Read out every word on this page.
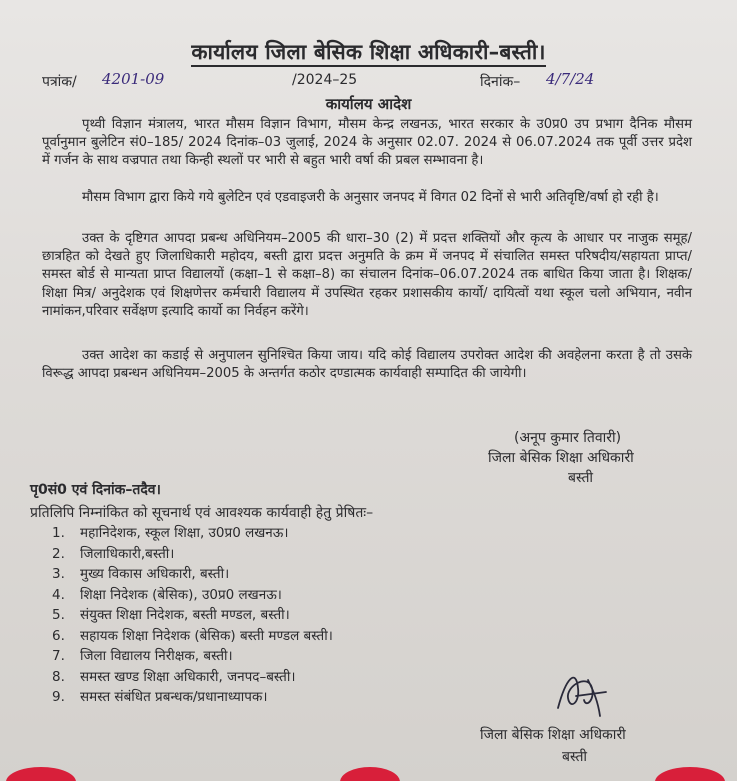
कार्यालय जिला बेसिक शिक्षा अधिकारी–बस्ती।
पत्रांक/ 4201-09	/2024–25	दिनांक– 4/7/24
कार्यालय आदेश
पृथ्वी विज्ञान मंत्रालय, भारत मौसम विज्ञान विभाग, मौसम केन्द्र लखनऊ, भारत सरकार के उ0प्र0 उप प्रभाग दैनिक मौसम पूर्वानुमान बुलेटिन सं0–185/ 2024 दिनांक–03 जुलाई, 2024 के अनुसार 02.07. 2024 से 06.07.2024 तक पूर्वी उत्तर प्रदेश में गर्जन के साथ वज्रपात तथा किन्ही स्थलों पर भारी से बहुत भारी वर्षा की प्रबल सम्भावना है।
मौसम विभाग द्वारा किये गये बुलेटिन एवं एडवाइजरी के अनुसार जनपद में विगत 02 दिनों से भारी अतिवृष्टि/वर्षा हो रही है।
उक्त के दृष्टिगत आपदा प्रबन्ध अधिनियम–2005 की धारा–30 (2) में प्रदत्त शक्तियों और कृत्य के आधार पर नाजुक समूह/ छात्रहित को देखते हुए जिलाधिकारी महोदय, बस्ती द्वारा प्रदत्त अनुमति के क्रम में जनपद में संचालित समस्त परिषदीय/सहायता प्राप्त/समस्त बोर्ड से मान्यता प्राप्त विद्यालयों (कक्षा–1 से कक्षा–8) का संचालन दिनांक–06.07.2024 तक बाधित किया जाता है। शिक्षक/शिक्षा मित्र/ अनुदेशक एवं शिक्षणेत्तर कर्मचारी विद्यालय में उपस्थित रहकर प्रशासकीय कार्यो/ दायित्वों यथा स्कूल चलो अभियान, नवीन नामांकन,परिवार सर्वेक्षण इत्यादि कार्यो का निर्वहन करेंगे।
उक्त आदेश का कडाई से अनुपालन सुनिश्चित किया जाय। यदि कोई विद्यालय उपरोक्त आदेश की अवहेलना करता है तो उसके विरूद्ध आपदा प्रबन्धन अधिनियम–2005 के अन्तर्गत कठोर दण्डात्मक कार्यवाही सम्पादित की जायेगी।
(अनूप कुमार तिवारी)
जिला बेसिक शिक्षा अधिकारी
बस्ती
पृ0सं0 एवं दिनांक–तदैव।
प्रतिलिपि निम्नांकित को सूचनार्थ एवं आवश्यक कार्यवाही हेतु प्रेषितः–
1. महानिदेशक, स्कूल शिक्षा, उ0प्र0 लखनऊ।
2. जिलाधिकारी,बस्ती।
3. मुख्य विकास अधिकारी, बस्ती।
4. शिक्षा निदेशक (बेसिक), उ0प्र0 लखनऊ।
5. संयुक्त शिक्षा निदेशक, बस्ती मण्डल, बस्ती।
6. सहायक शिक्षा निदेशक (बेसिक) बस्ती मण्डल बस्ती।
7. जिला विद्यालय निरीक्षक, बस्ती।
8. समस्त खण्ड शिक्षा अधिकारी, जनपद–बस्ती।
9. समस्त संबंधित प्रबन्धक/प्रधानाध्यापक।
जिला बेसिक शिक्षा अधिकारी
बस्ती
